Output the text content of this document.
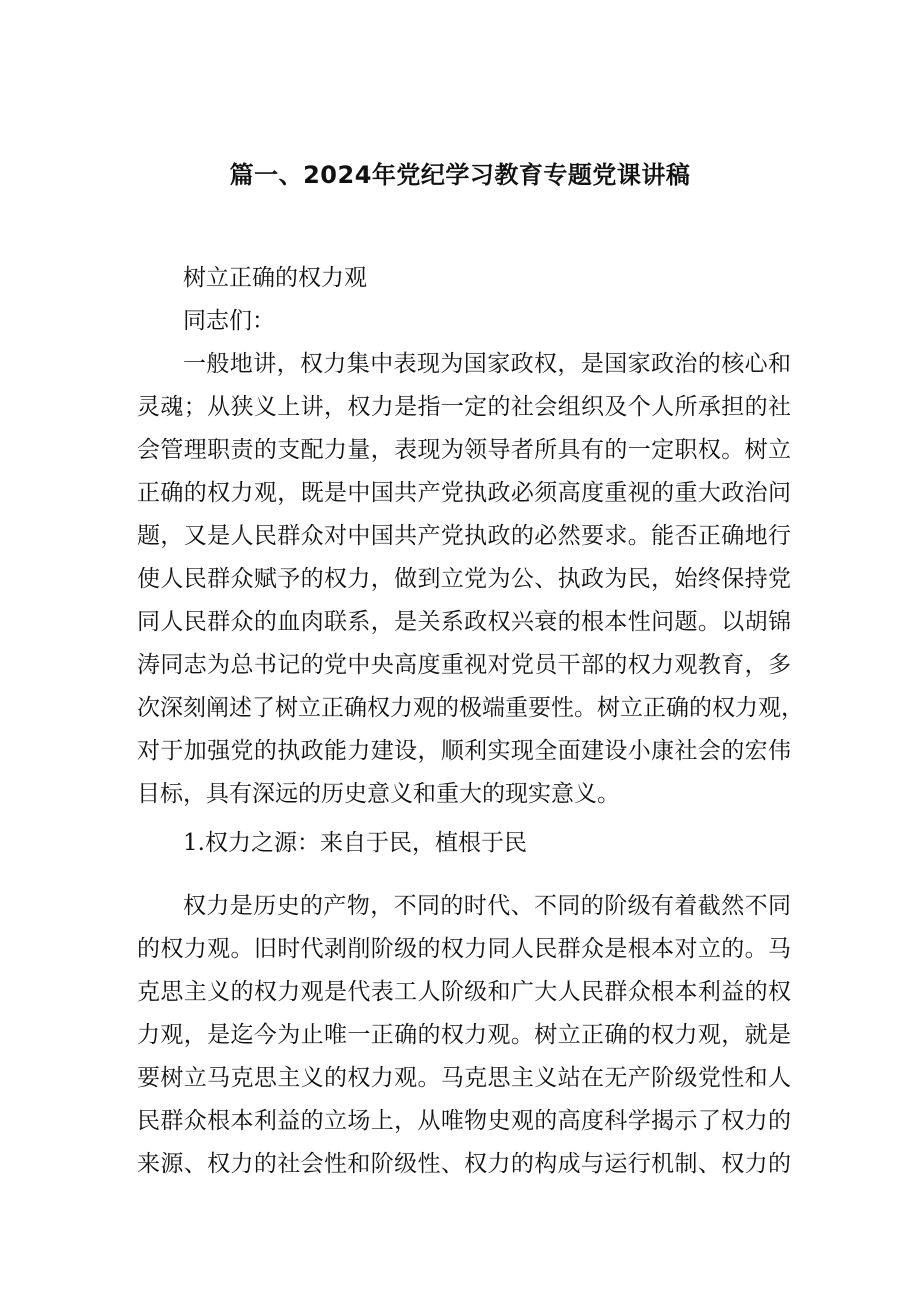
篇一、2024年党纪学习教育专题党课讲稿
树立正确的权力观
同志们：
一般地讲，权力集中表现为国家政权，是国家政治的核心和
灵魂；从狭义上讲，权力是指一定的社会组织及个人所承担的社
会管理职责的支配力量，表现为领导者所具有的一定职权。树立
正确的权力观，既是中国共产党执政必须高度重视的重大政治问
题，又是人民群众对中国共产党执政的必然要求。能否正确地行
使人民群众赋予的权力，做到立党为公、执政为民，始终保持党
同人民群众的血肉联系，是关系政权兴衰的根本性问题。以胡锦
涛同志为总书记的党中央高度重视对党员干部的权力观教育，多
次深刻阐述了树立正确权力观的极端重要性。树立正确的权力观，
对于加强党的执政能力建设，顺利实现全面建设小康社会的宏伟
目标，具有深远的历史意义和重大的现实意义。
1.权力之源：来自于民，植根于民
权力是历史的产物，不同的时代、不同的阶级有着截然不同
的权力观。旧时代剥削阶级的权力同人民群众是根本对立的。马
克思主义的权力观是代表工人阶级和广大人民群众根本利益的权
力观，是迄今为止唯一正确的权力观。树立正确的权力观，就是
要树立马克思主义的权力观。马克思主义站在无产阶级党性和人
民群众根本利益的立场上，从唯物史观的高度科学揭示了权力的
来源、权力的社会性和阶级性、权力的构成与运行机制、权力的
